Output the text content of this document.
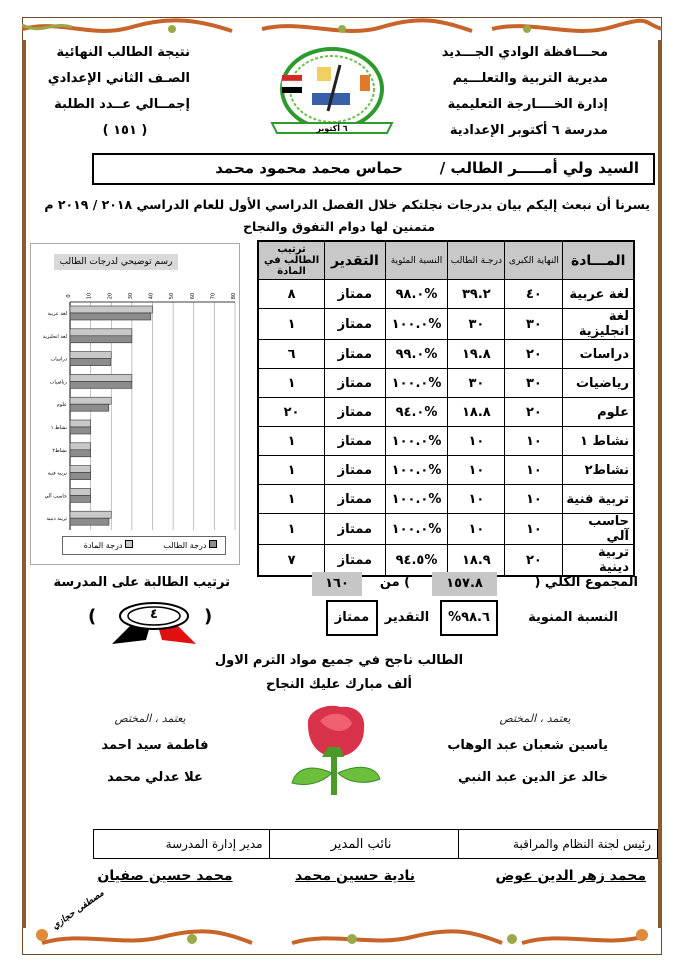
محـــافظة الوادي الجـــديد
مديرية التربية والتعلـــيم
إدارة الخــــارجة التعليمية
مدرسة ٦ أكتوبر الإعدادية
نتيجة الطالب النهائية
الصـف الثاني الإعدادي
إجمــالي عــدد الطلبة
( ١٥١ )	٦ أكتوبر
السيد ولي أمـــــر الطالب /
حماس محمد محمود محمد
يسرنا أن نبعث إليكم بيان بدرجات نجلتكم خلال الفصل الدراسي الأول للعام الدراسي ٢٠١٨ / ٢٠١٩ م
متمنين لها دوام التفوق والنجاح
المـــادة	النهاية الكبرى	درجـة الطالب	النسبة المئوية	التقدير	ترتيب الطالب في المادة
لغة عربية	٤٠	٣٩.٢	%٩٨.٠	ممتاز	٨
لغة انجليزية	٣٠	٣٠	%١٠٠.٠	ممتاز	١
دراسات	٢٠	١٩.٨	%٩٩.٠	ممتاز	٦
رياضيات	٣٠	٣٠	%١٠٠.٠	ممتاز	١
علوم	٢٠	١٨.٨	%٩٤.٠	ممتاز	٢٠
نشاط ١	١٠	١٠	%١٠٠.٠	ممتاز	١
نشاط٢	١٠	١٠	%١٠٠.٠	ممتاز	١
تربية فنية	١٠	١٠	%١٠٠.٠	ممتاز	١
حاسب آلي	١٠	١٠	%١٠٠.٠	ممتاز	١
تربية دينية	٢٠	١٨.٩	%٩٤.٥	ممتاز	٧
رسم توضيحي لدرجات الطالب
0	10	20	30	40	50	60	70	80
لغة عربية
لغة انجليزية
دراسات
رياضيات
علوم
نشاط ١
نشاط٢
تربية فنية
حاسب آلي
تربية دينية
درجة الطالب
درجة المادة
المجموع الكلي (
١٥٧.٨
) من
١٦٠
النسبة المنوية
%٩٨.٦
التقدير
ممتاز
ترتيب الطالبة على المدرسة
(	)
٤
الطالب ناجح في جميع مواد الترم الاول
ألف مبارك عليك النجاح
يعتمد ، المختص
ياسين شعبان عبد الوهاب
خالد عز الدين عبد النبي
يعتمد ، المختص
فاطمة سيد احمد
علا عدلي محمد
رئيس لجنة النظام والمراقبة	نائب المدير	مدير إدارة المدرسة
محمد زهر الدين عوض
نادية حسين محمد
محمد حسين صفيان
مصطفى حجازي
